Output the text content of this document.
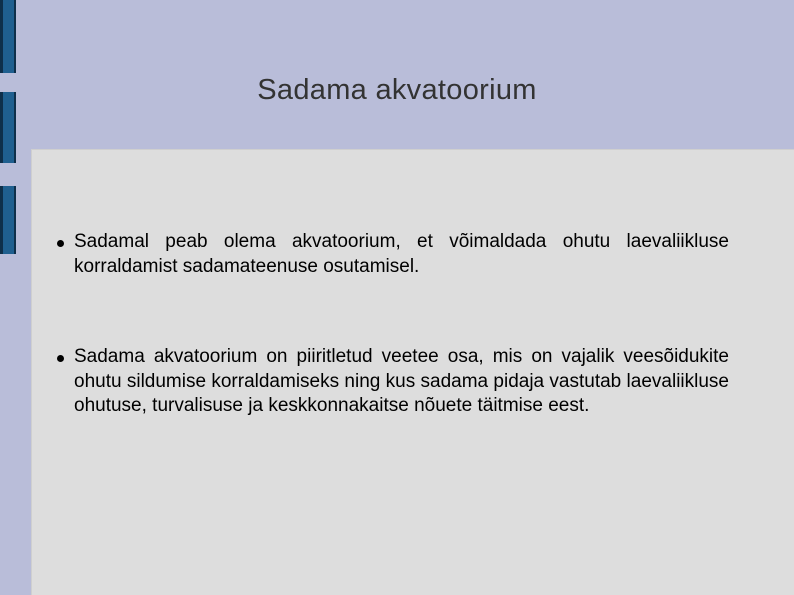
Sadama akvatoorium
Sadamal peab olema akvatoorium, et võimaldada ohutu laevaliikluse korraldamist sadamateenuse osutamisel.
Sadama akvatoorium on piiritletud veetee osa, mis on vajalik veesõidukite ohutu sildumise korraldamiseks ning kus sadama pidaja vastutab laevaliikluse ohutuse, turvalisuse ja keskkonnakaitse nõuete täitmise eest.
